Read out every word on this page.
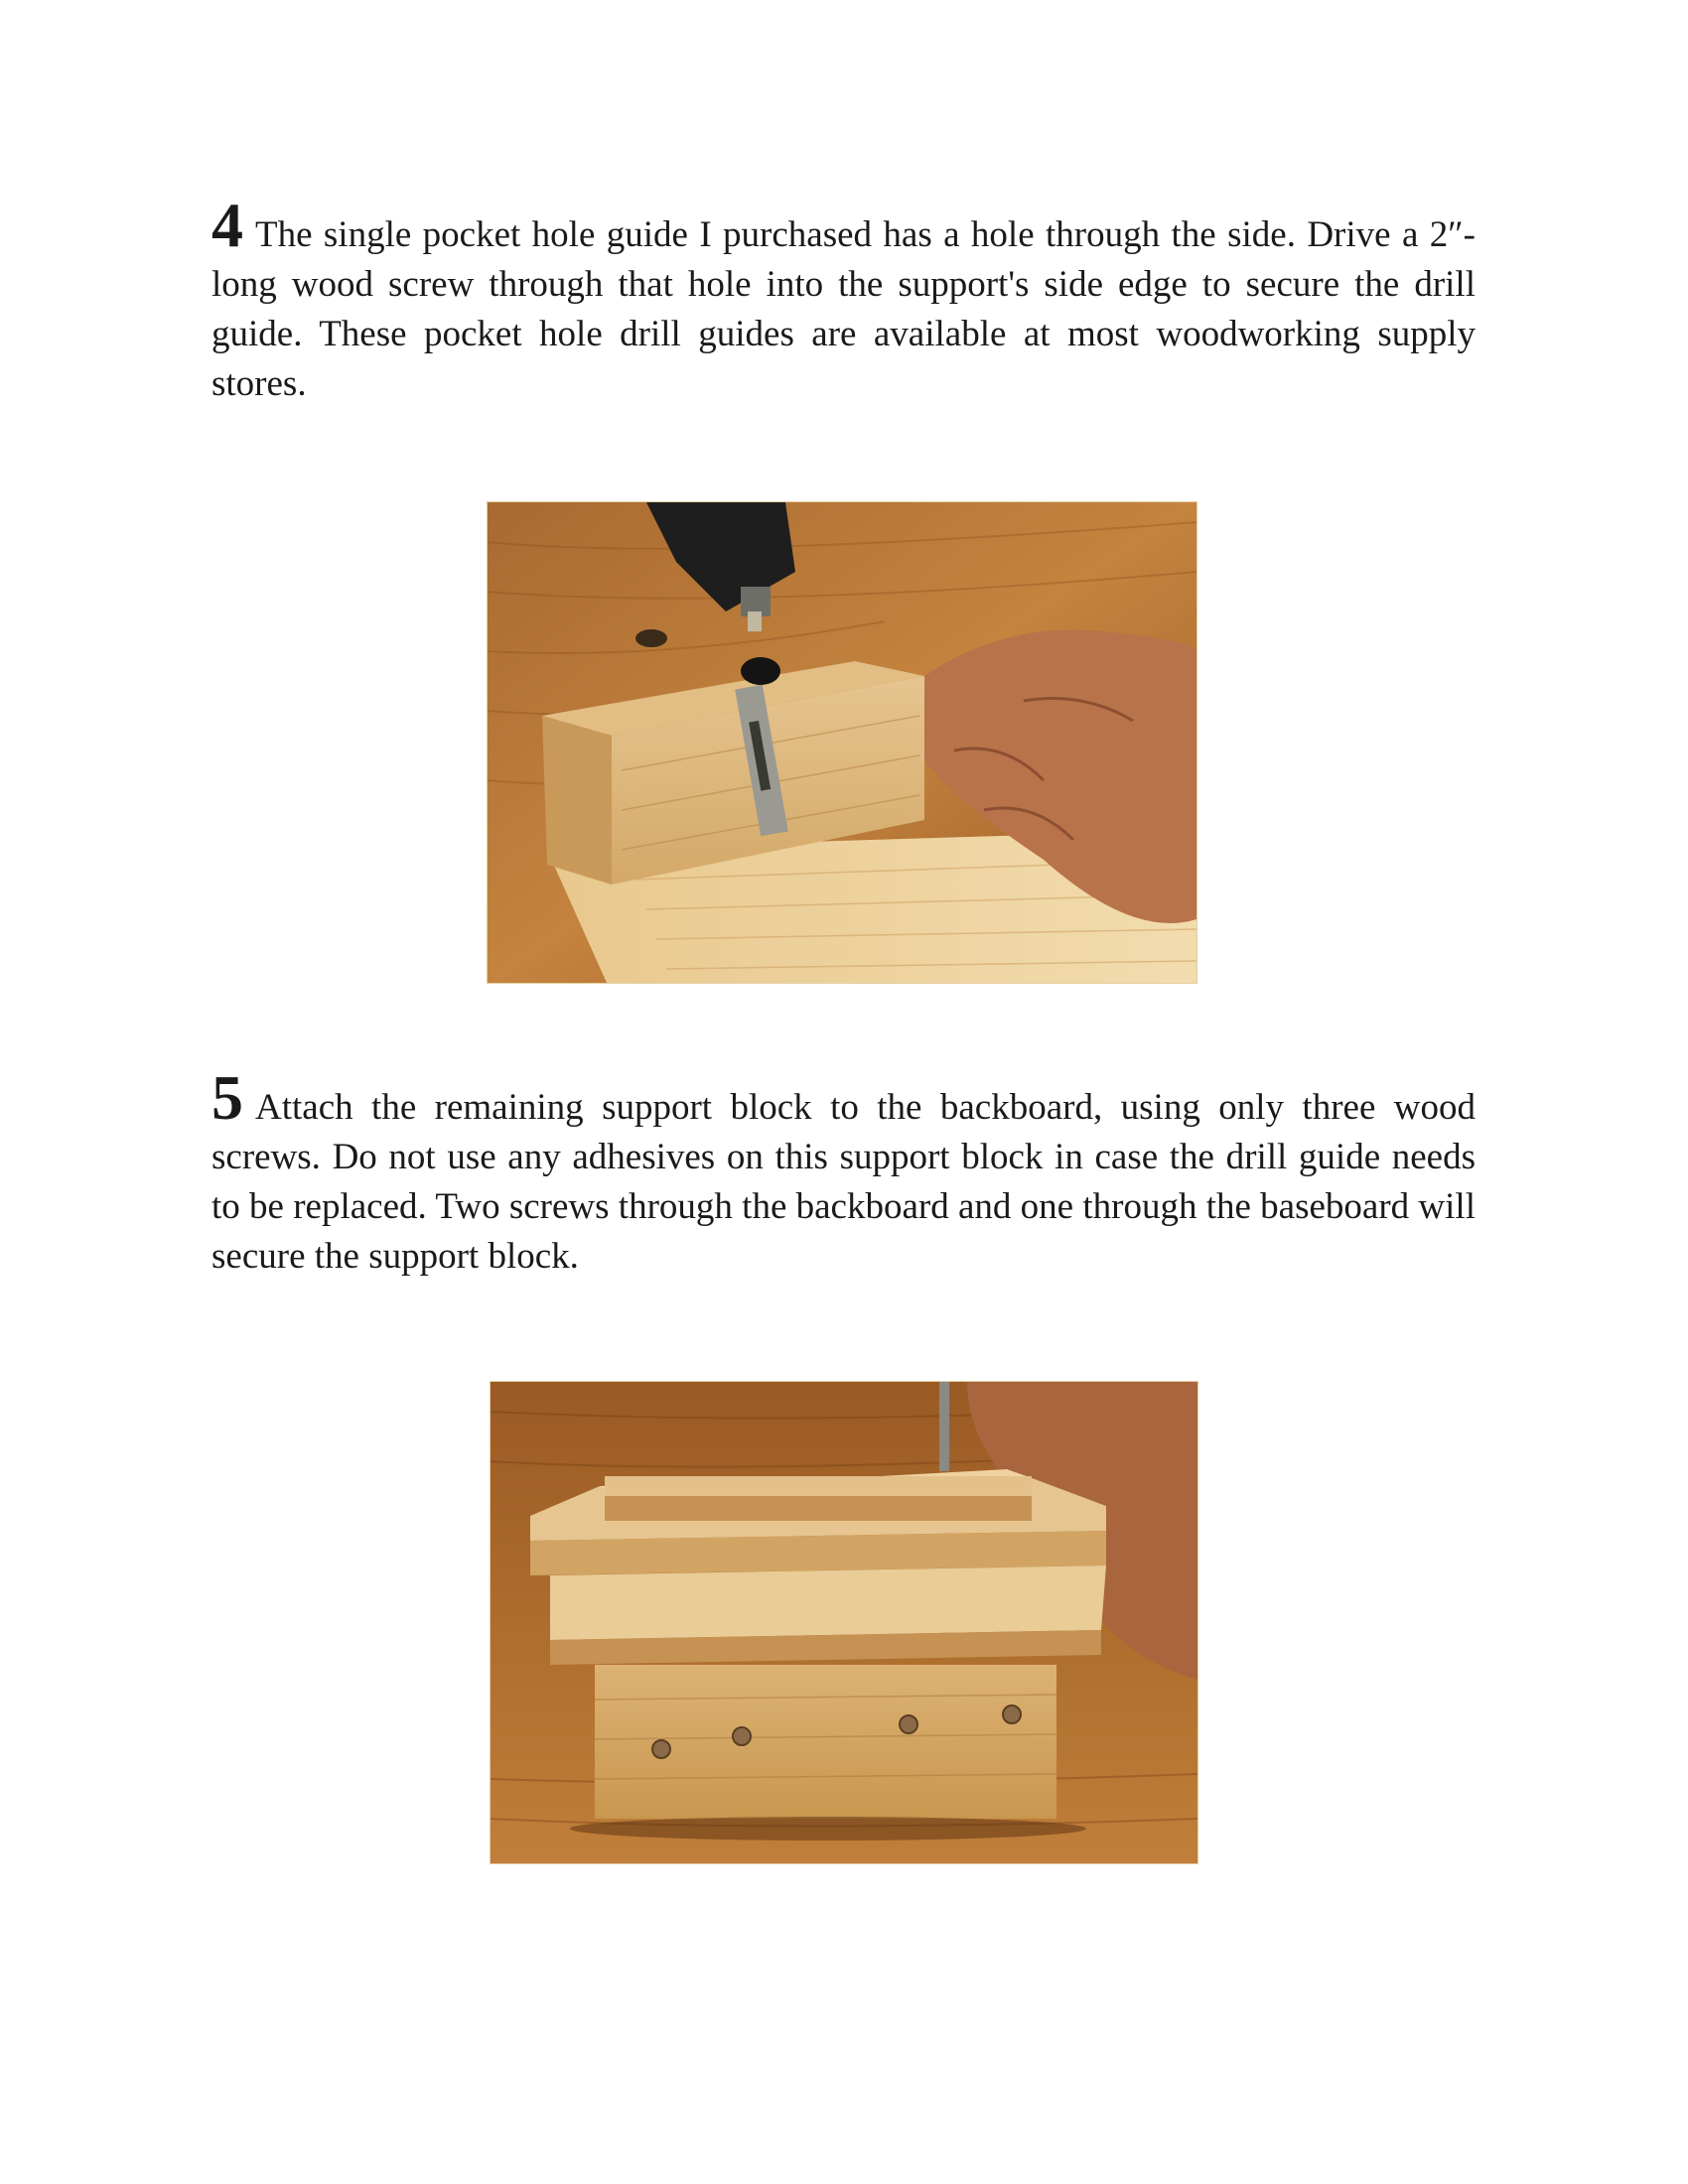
4 The single pocket hole guide I purchased has a hole through the side. Drive a 2″-long wood screw through that hole into the support's side edge to secure the drill guide. These pocket hole drill guides are available at most woodworking supply stores.

5 Attach the remaining support block to the backboard, using only three wood screws. Do not use any adhesives on this support block in case the drill guide needs to be replaced. Two screws through the backboard and one through the baseboard will secure the support block.
